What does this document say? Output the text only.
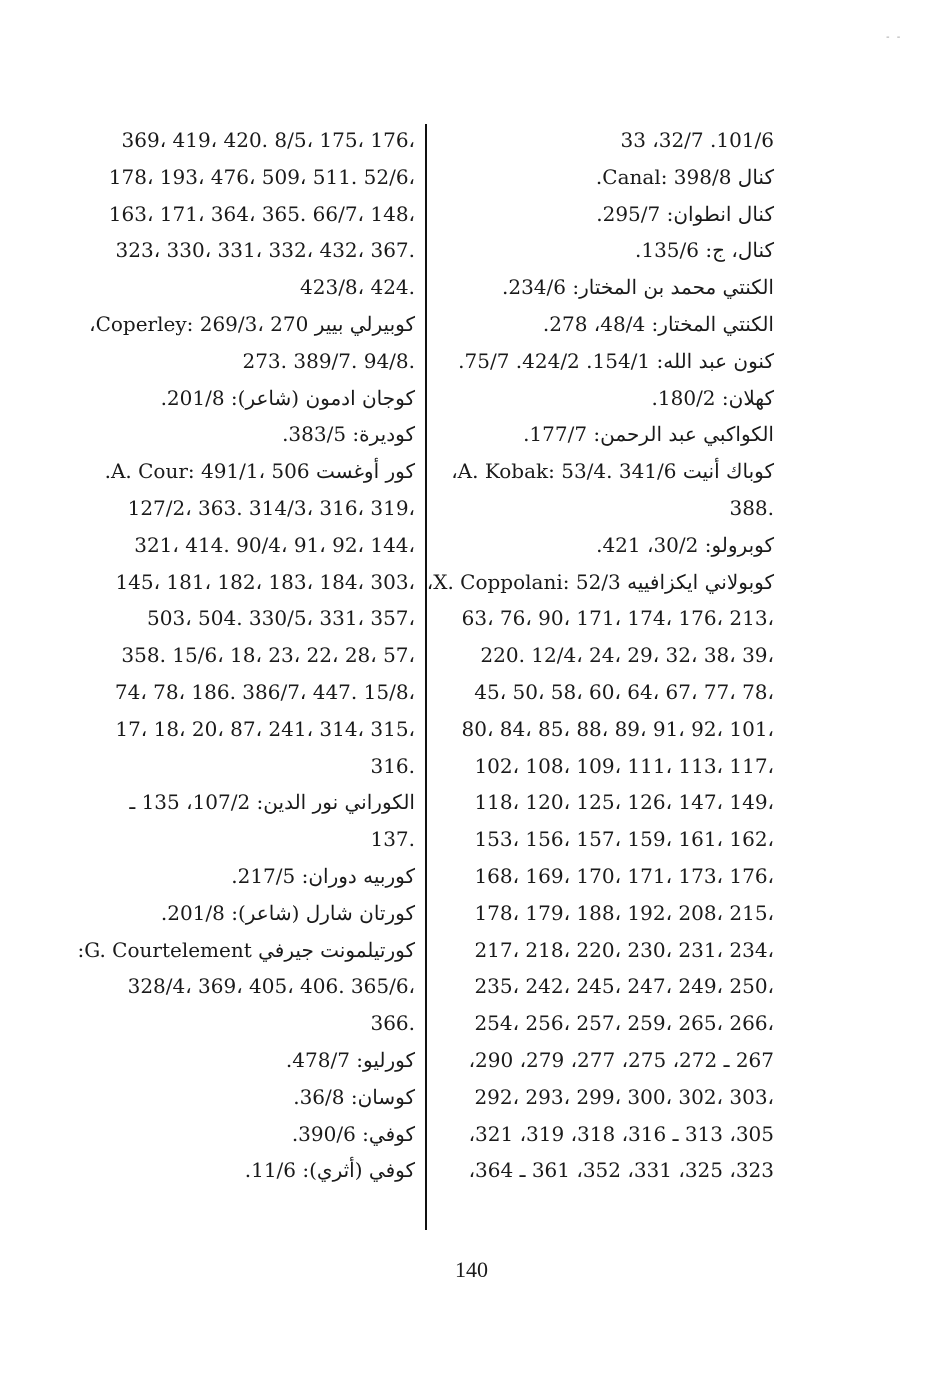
- -
33 ،32/7 .101/6
كنال Canal: 398/8.
كنال انطوان: 295/7.
كنال، ج: 135/6.
الكنتي محمد بن المختار: 234/6.
الكنتي المختار: 48/4، 278.
كنون عبد الله: 154/1. 424/2. 75/7.
كهلان: 180/2.
الكواكبي عبد الرحمن: 177/7.
كوباك أنيت A. Kobak: 53/4. 341/6،
388.
كوبرولو: 30/2، 421.
كوبولاني ايكزافييه X. Coppolani: 52/3،
63، 76، 90، 171، 174، 176، 213،
220. 12/4، 24، 29، 32، 38، 39،
45، 50، 58، 60، 64، 67، 77، 78،
80، 84، 85، 88، 89، 91، 92، 101،
102، 108، 109، 111، 113، 117،
118، 120، 125، 126، 147، 149،
153، 156، 157، 159، 161، 162،
168، 169، 170، 171، 173، 176،
178، 179، 188، 192، 208، 215،
217، 218، 220، 230، 231، 234،
235، 242، 245، 247، 249، 250،
254، 256، 257، 259، 265، 266،
267 ـ 272، 275، 277، 279، 290،
292، 293، 299، 300، 302، 303،
305، 313 ـ 316، 318، 319، 321،
323، 325، 331، 352، 361 ـ 364،
369، 419، 420. 8/5، 175، 176،
178، 193، 476، 509، 511. 52/6،
163، 171، 364، 365. 66/7، 148،
323، 330، 331، 332، 432، 367.
423/8، 424.
كوبيرلي بيير Coperley: 269/3، 270،
273. 389/7. 94/8.
كوجان ادمون (شاعر): 201/8.
كوديرة: 383/5.
كور أوغست A. Cour: 491/1، 506.
127/2، 363. 314/3، 316، 319،
321، 414. 90/4، 91، 92، 144،
145، 181، 182، 183، 184، 303،
503، 504. 330/5، 331، 357،
358. 15/6، 18، 23، 22، 28، 57،
74، 78، 186. 386/7، 447. 15/8،
17، 18، 20، 87، 241، 314، 315،
316.
الكوراني نور الدين: 107/2، 135 ـ
137.
كوربيه دوران: 217/5.
كورتان شارل (شاعر): 201/8.
كورتيلمونت جيرفي G. Courtelement:
328/4، 369، 405، 406. 365/6،
366.
كورليو: 478/7.
كوسان: 36/8.
كوفي: 390/6.
كوفي (أثري): 11/6.
140
